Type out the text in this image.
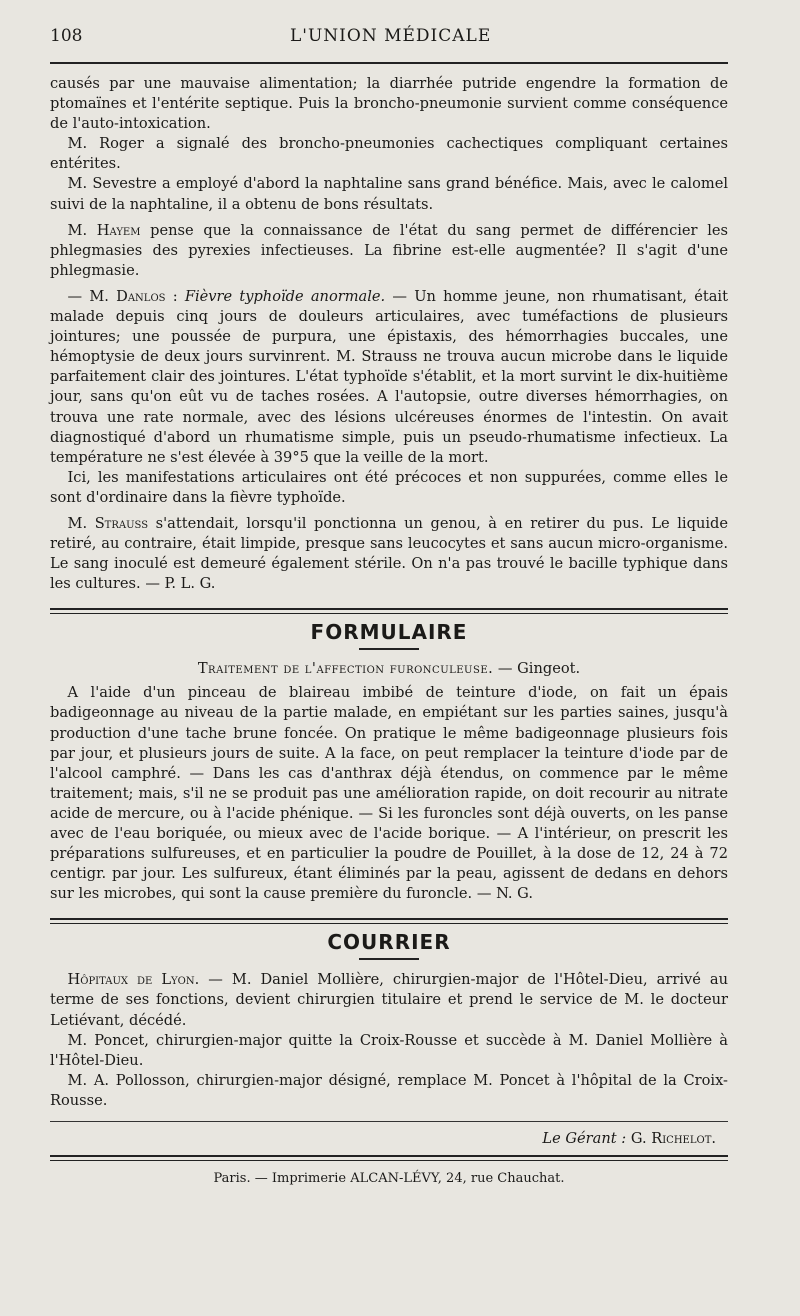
108	L'UNION MÉDICALE

causés par une mauvaise alimentation; la diarrhée putride engendre la formation de ptomaïnes et l'entérite septique. Puis la broncho-pneumonie survient comme conséquence de l'auto-intoxication.

M. Roger a signalé des broncho-pneumonies cachectiques compliquant certaines entérites.

M. Sevestre a employé d'abord la naphtaline sans grand bénéfice. Mais, avec le calomel suivi de la naphtaline, il a obtenu de bons résultats.

M. Hayem pense que la connaissance de l'état du sang permet de différencier les phlegmasies des pyrexies infectieuses. La fibrine est-elle augmentée? Il s'agit d'une phlegmasie.

— M. Danlos : Fièvre typhoïde anormale. — Un homme jeune, non rhumatisant, était malade depuis cinq jours de douleurs articulaires, avec tuméfactions de plusieurs jointures; une poussée de purpura, une épistaxis, des hémorrhagies buccales, une hémoptysie de deux jours survinrent. M. Strauss ne trouva aucun microbe dans le liquide parfaitement clair des jointures. L'état typhoïde s'établit, et la mort survint le dix-huitième jour, sans qu'on eût vu de taches rosées. A l'autopsie, outre diverses hémorrhagies, on trouva une rate normale, avec des lésions ulcéreuses énormes de l'intestin. On avait diagnostiqué d'abord un rhumatisme simple, puis un pseudo-rhumatisme infectieux. La température ne s'est élevée à 39°5 que la veille de la mort.

Ici, les manifestations articulaires ont été précoces et non suppurées, comme elles le sont d'ordinaire dans la fièvre typhoïde.

M. Strauss s'attendait, lorsqu'il ponctionna un genou, à en retirer du pus. Le liquide retiré, au contraire, était limpide, presque sans leucocytes et sans aucun micro-organisme. Le sang inoculé est demeuré également stérile. On n'a pas trouvé le bacille typhique dans les cultures. — P. L. G.

FORMULAIRE
Traitement de l'affection furonculeuse. — Gingeot.

A l'aide d'un pinceau de blaireau imbibé de teinture d'iode, on fait un épais badigeonnage au niveau de la partie malade, en empiétant sur les parties saines, jusqu'à production d'une tache brune foncée. On pratique le même badigeonnage plusieurs fois par jour, et plusieurs jours de suite. A la face, on peut remplacer la teinture d'iode par de l'alcool camphré. — Dans les cas d'anthrax déjà étendus, on commence par le même traitement; mais, s'il ne se produit pas une amélioration rapide, on doit recourir au nitrate acide de mercure, ou à l'acide phénique. — Si les furoncles sont déjà ouverts, on les panse avec de l'eau boriquée, ou mieux avec de l'acide borique. — A l'intérieur, on prescrit les préparations sulfureuses, et en particulier la poudre de Pouillet, à la dose de 12, 24 à 72 centigr. par jour. Les sulfureux, étant éliminés par la peau, agissent de dedans en dehors sur les microbes, qui sont la cause première du furoncle. — N. G.

COURRIER

Hôpitaux de Lyon. — M. Daniel Mollière, chirurgien-major de l'Hôtel-Dieu, arrivé au terme de ses fonctions, devient chirurgien titulaire et prend le service de M. le docteur Letiévant, décédé.

M. Poncet, chirurgien-major quitte la Croix-Rousse et succède à M. Daniel Mollière à l'Hôtel-Dieu.

M. A. Pollosson, chirurgien-major désigné, remplace M. Poncet à l'hôpital de la Croix-Rousse.

Le Gérant : G. Richelot.
Paris. — Imprimerie ALCAN-LÉVY, 24, rue Chauchat.
